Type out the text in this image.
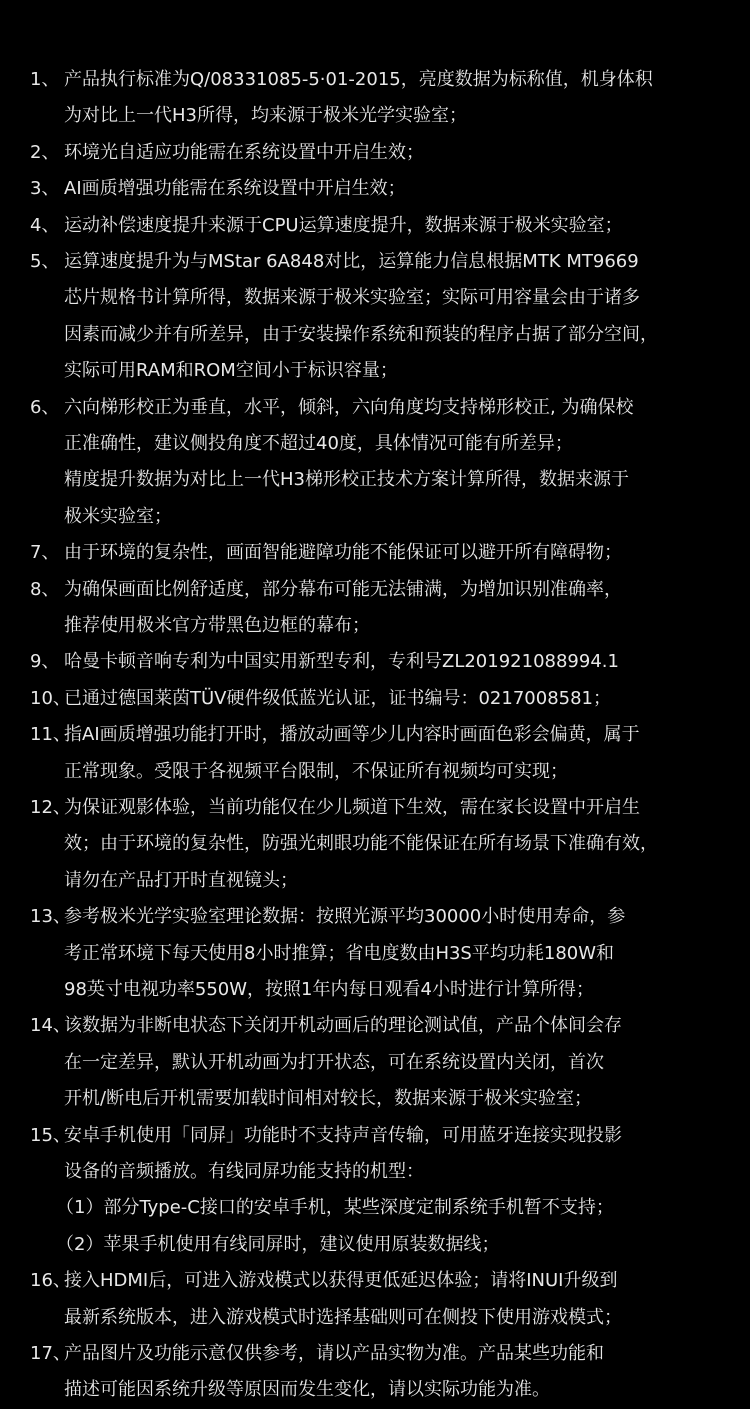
1、 产品执行标准为Q/08331085-5·01-2015，亮度数据为标称值，机身体积
为对比上一代H3所得，均来源于极米光学实验室；
2、 环境光自适应功能需在系统设置中开启生效；
3、 AI画质增强功能需在系统设置中开启生效；
4、 运动补偿速度提升来源于CPU运算速度提升，数据来源于极米实验室；
5、 运算速度提升为与MStar 6A848对比，运算能力信息根据MTK MT9669
芯片规格书计算所得，数据来源于极米实验室；实际可用容量会由于诸多
因素而减少并有所差异，由于安装操作系统和预装的程序占据了部分空间，
实际可用RAM和ROM空间小于标识容量；
6、 六向梯形校正为垂直，水平，倾斜，六向角度均支持梯形校正, 为确保校
正准确性，建议侧投角度不超过40度，具体情况可能有所差异；
精度提升数据为对比上一代H3梯形校正技术方案计算所得，数据来源于
极米实验室；
7、 由于环境的复杂性，画面智能避障功能不能保证可以避开所有障碍物；
8、 为确保画面比例舒适度，部分幕布可能无法铺满，为增加识别准确率，
推荐使用极米官方带黑色边框的幕布；
9、 哈曼卡顿音响专利为中国实用新型专利，专利号ZL201921088994.1
10、已通过德国莱茵TÜV硬件级低蓝光认证，证书编号：0217008581；
11、指AI画质增强功能打开时，播放动画等少儿内容时画面色彩会偏黄，属于
正常现象。受限于各视频平台限制，不保证所有视频均可实现；
12、为保证观影体验，当前功能仅在少儿频道下生效，需在家长设置中开启生
效；由于环境的复杂性，防强光刺眼功能不能保证在所有场景下准确有效，
请勿在产品打开时直视镜头；
13、参考极米光学实验室理论数据：按照光源平均30000小时使用寿命，参
考正常环境下每天使用8小时推算；省电度数由H3S平均功耗180W和
98英寸电视功率550W，按照1年内每日观看4小时进行计算所得；
14、该数据为非断电状态下关闭开机动画后的理论测试值，产品个体间会存
在一定差异，默认开机动画为打开状态，可在系统设置内关闭，首次
开机/断电后开机需要加载时间相对较长，数据来源于极米实验室；
15、安卓手机使用「同屏」功能时不支持声音传输，可用蓝牙连接实现投影
设备的音频播放。有线同屏功能支持的机型：
（1）部分Type-C接口的安卓手机，某些深度定制系统手机暂不支持；
（2）苹果手机使用有线同屏时，建议使用原装数据线；
16、接入HDMI后，可进入游戏模式以获得更低延迟体验；请将INUI升级到
最新系统版本，进入游戏模式时选择基础则可在侧投下使用游戏模式；
17、产品图片及功能示意仅供参考，请以产品实物为准。产品某些功能和
描述可能因系统升级等原因而发生变化，请以实际功能为准。
